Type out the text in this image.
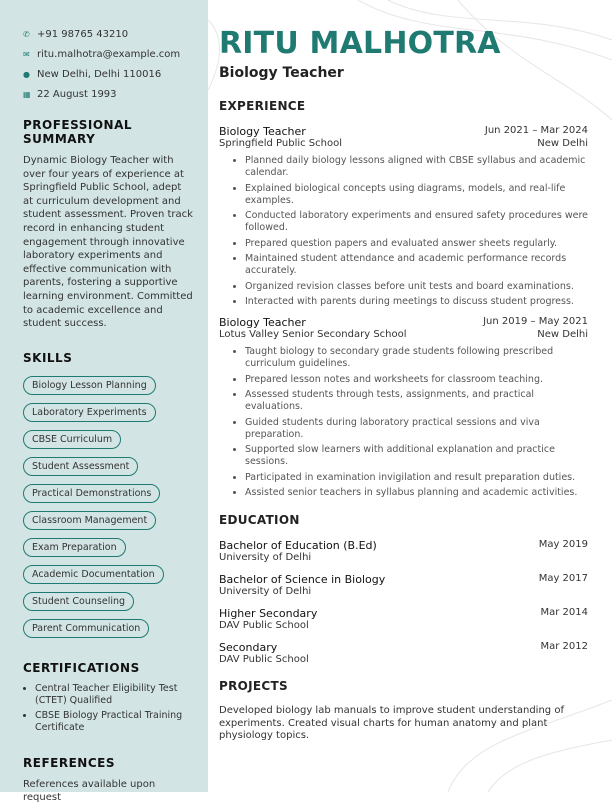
✆ +91 98765 43210
✉ ritu.malhotra@example.com
● New Delhi, Delhi 110016
▦ 22 August 1993
PROFESSIONAL SUMMARY
Dynamic Biology Teacher with over four years of experience at Springfield Public School, adept at curriculum development and student assessment. Proven track record in enhancing student engagement through innovative laboratory experiments and effective communication with parents, fostering a supportive learning environment. Committed to academic excellence and student success.
SKILLS
Biology Lesson Planning
Laboratory Experiments
CBSE Curriculum
Student Assessment
Practical Demonstrations
Classroom Management
Exam Preparation
Academic Documentation
Student Counseling
Parent Communication
CERTIFICATIONS
• Central Teacher Eligibility Test (CTET) Qualified
• CBSE Biology Practical Training Certificate
REFERENCES
References available upon request
RITU MALHOTRA
Biology Teacher
EXPERIENCE
Biology Teacher	Jun 2021 – Mar 2024
Springfield Public School	New Delhi
• Planned daily biology lessons aligned with CBSE syllabus and academic calendar.
• Explained biological concepts using diagrams, models, and real-life examples.
• Conducted laboratory experiments and ensured safety procedures were followed.
• Prepared question papers and evaluated answer sheets regularly.
• Maintained student attendance and academic performance records accurately.
• Organized revision classes before unit tests and board examinations.
• Interacted with parents during meetings to discuss student progress.
Biology Teacher	Jun 2019 – May 2021
Lotus Valley Senior Secondary School	New Delhi
• Taught biology to secondary grade students following prescribed curriculum guidelines.
• Prepared lesson notes and worksheets for classroom teaching.
• Assessed students through tests, assignments, and practical evaluations.
• Guided students during laboratory practical sessions and viva preparation.
• Supported slow learners with additional explanation and practice sessions.
• Participated in examination invigilation and result preparation duties.
• Assisted senior teachers in syllabus planning and academic activities.
EDUCATION
Bachelor of Education (B.Ed)	May 2019
University of Delhi
Bachelor of Science in Biology	May 2017
University of Delhi
Higher Secondary	Mar 2014
DAV Public School
Secondary	Mar 2012
DAV Public School
PROJECTS
Developed biology lab manuals to improve student understanding of experiments. Created visual charts for human anatomy and plant physiology topics.
